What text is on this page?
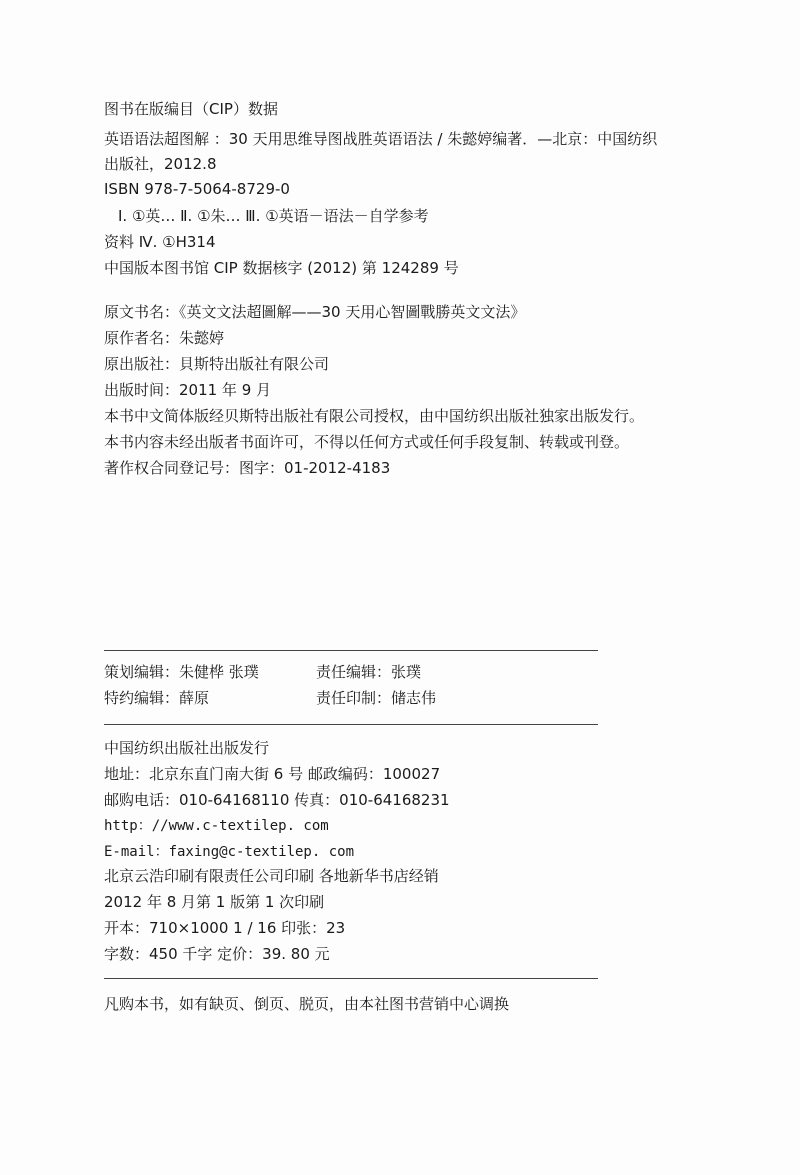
图书在版编目（CIP）数据
英语语法超图解 ：30 天用思维导图战胜英语语法 / 朱懿婷编著．—北京：中国纺织
出版社，2012.8
ISBN 978-7-5064-8729-0
Ⅰ. ①英… Ⅱ. ①朱… Ⅲ. ①英语－语法－自学参考
资料 Ⅳ. ①H314
中国版本图书馆 CIP 数据核字 (2012) 第 124289 号
原文书名：《英文文法超圖解——30 天用心智圖戰勝英文文法》
原作者名：朱懿婷
原出版社：貝斯特出版社有限公司
出版时间：2011 年 9 月
本书中文简体版经贝斯特出版社有限公司授权，由中国纺织出版社独家出版发行。
本书内容未经出版者书面许可，不得以任何方式或任何手段复制、转载或刊登。
著作权合同登记号：图字：01-2012-4183
策划编辑：朱健桦 张璞	责任编辑：张璞
特约编辑：薛原	责任印制：储志伟
中国纺织出版社出版发行
地址：北京东直门南大街 6 号 邮政编码：100027
邮购电话：010-64168110 传真：010-64168231
http：//www.c-textilep. com
E-mail：faxing@c-textilep. com
北京云浩印刷有限责任公司印刷 各地新华书店经销
2012 年 8 月第 1 版第 1 次印刷
开本：710×1000 1 / 16 印张：23
字数：450 千字 定价：39. 80 元
凡购本书，如有缺页、倒页、脱页，由本社图书营销中心调换
